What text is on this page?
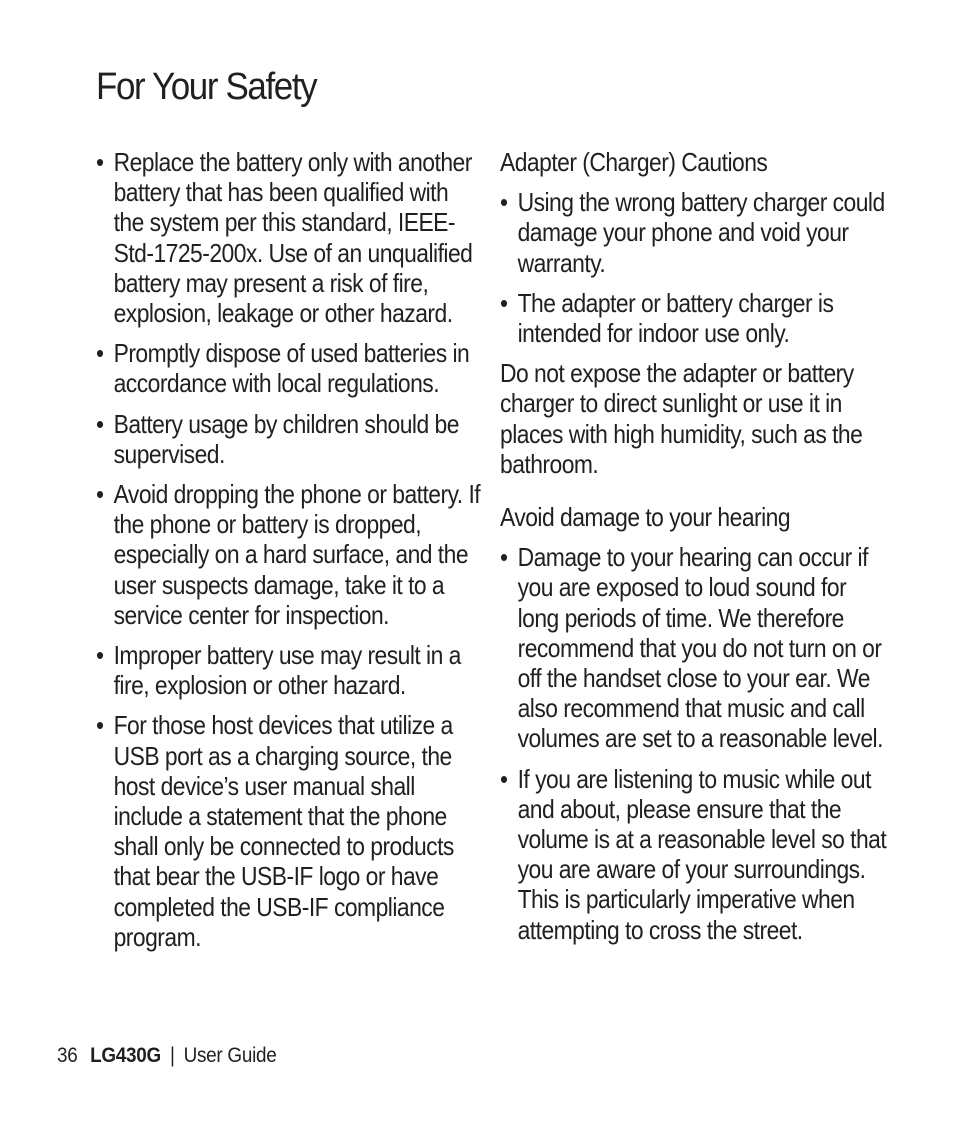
For Your Safety
• Replace the battery only with another battery that has been qualified with the system per this standard, IEEE-Std-1725-200x. Use of an unqualified battery may present a risk of fire, explosion, leakage or other hazard.
• Promptly dispose of used batteries in accordance with local regulations.
• Battery usage by children should be supervised.
• Avoid dropping the phone or battery. If the phone or battery is dropped, especially on a hard surface, and the user suspects damage, take it to a service center for inspection.
• Improper battery use may result in a fire, explosion or other hazard.
• For those host devices that utilize a USB port as a charging source, the host device’s user manual shall include a statement that the phone shall only be connected to products that bear the USB-IF logo or have completed the USB-IF compliance program.
Adapter (Charger) Cautions
• Using the wrong battery charger could damage your phone and void your warranty.
• The adapter or battery charger is intended for indoor use only.

Do not expose the adapter or battery charger to direct sunlight or use it in places with high humidity, such as the bathroom.

Avoid damage to your hearing
• Damage to your hearing can occur if you are exposed to loud sound for long periods of time. We therefore recommend that you do not turn on or off the handset close to your ear. We also recommend that music and call volumes are set to a reasonable level.
• If you are listening to music while out and about, please ensure that the volume is at a reasonable level so that you are aware of your surroundings. This is particularly imperative when attempting to cross the street.
36 LG430G | User Guide
